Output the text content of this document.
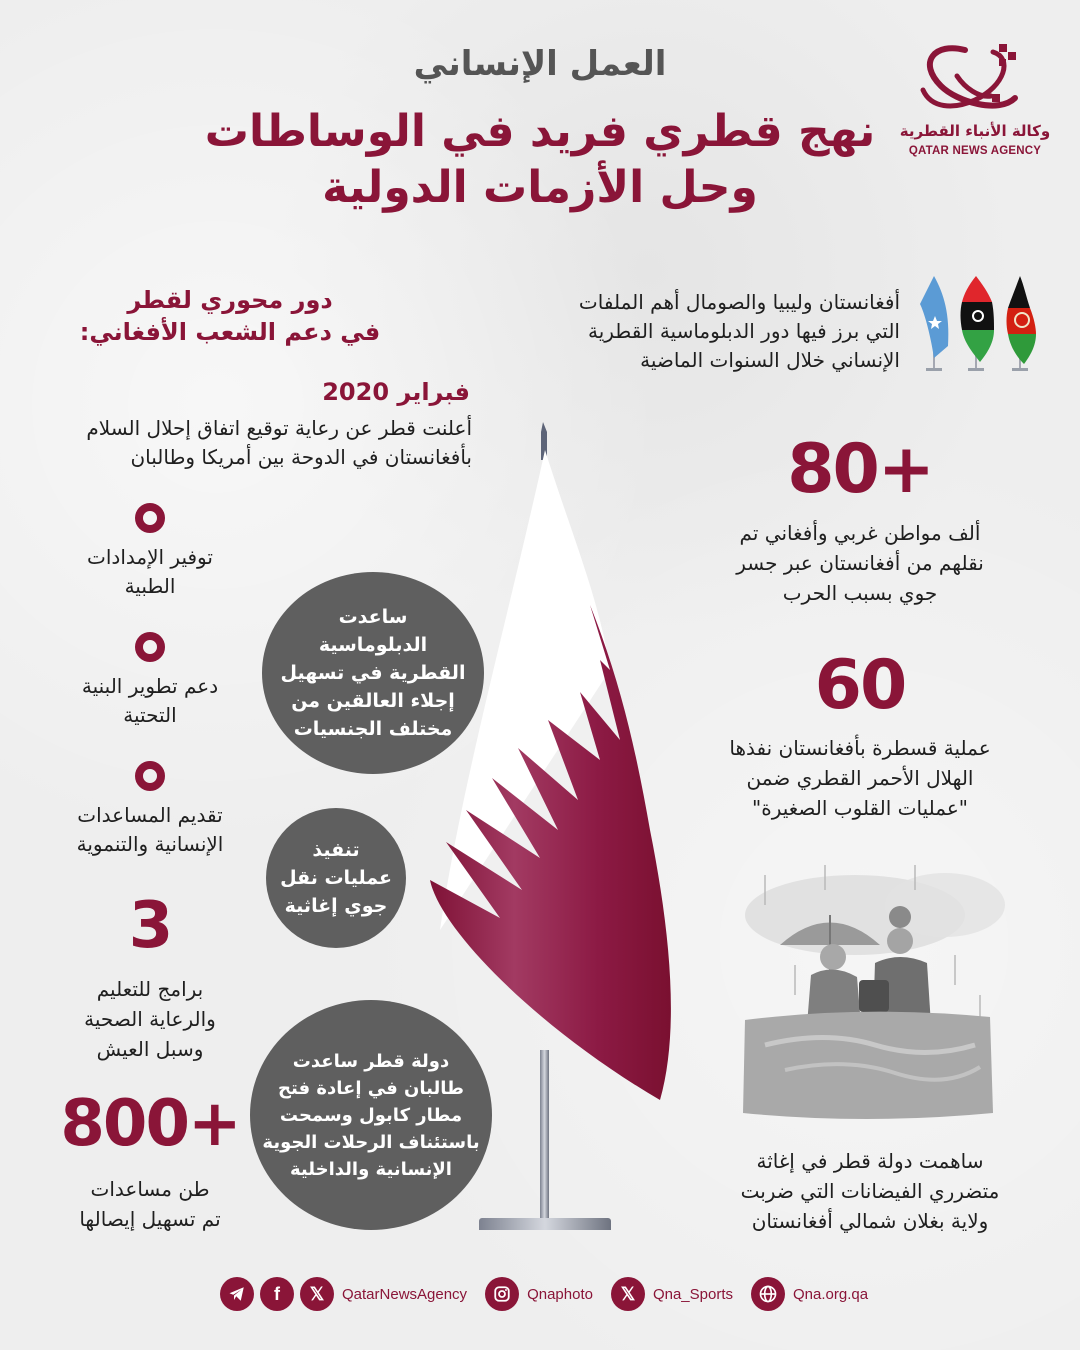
العمل الإنساني
نهج قطري فريد في الوساطات
وحل الأزمات الدولية
وكالة الأنباء القطرية
QATAR NEWS AGENCY
أفغانستان وليبيا والصومال أهم الملفات
التي برز فيها دور الدبلوماسية القطرية
الإنساني خلال السنوات الماضية
دور محوري لقطر
في دعم الشعب الأفغاني:
فبراير 2020
أعلنت قطر عن رعاية توقيع اتفاق إحلال السلام
بأفغانستان في الدوحة بين أمريكا وطالبان
ساعدت
الدبلوماسية
القطرية في تسهيل
إجلاء العالقين من
مختلف الجنسيات
تنفيذ
عمليات نقل
جوي إغاثية
دولة قطر ساعدت
طالبان في إعادة فتح
مطار كابول وسمحت
باستئناف الرحلات الجوية
الإنسانية والداخلية
توفير الإمدادات
الطبية
دعم تطوير البنية
التحتية
تقديم المساعدات
الإنسانية والتنموية
3
برامج للتعليم
والرعاية الصحية
وسبل العيش
800+
طن مساعدات
تم تسهيل إيصالها
80+
ألف مواطن غربي وأفغاني تم
نقلهم من أفغانستان عبر جسر
جوي بسبب الحرب
60
عملية قسطرة بأفغانستان نفذها
الهلال الأحمر القطري ضمن
"عمليات القلوب الصغيرة"
ساهمت دولة قطر في إغاثة
متضرري الفيضانات التي ضربت
ولاية بغلان شمالي أفغانستان
f	𝕏	QatarNewsAgency	Qnaphoto	𝕏	Qna_Sports	Qna.org.qa
